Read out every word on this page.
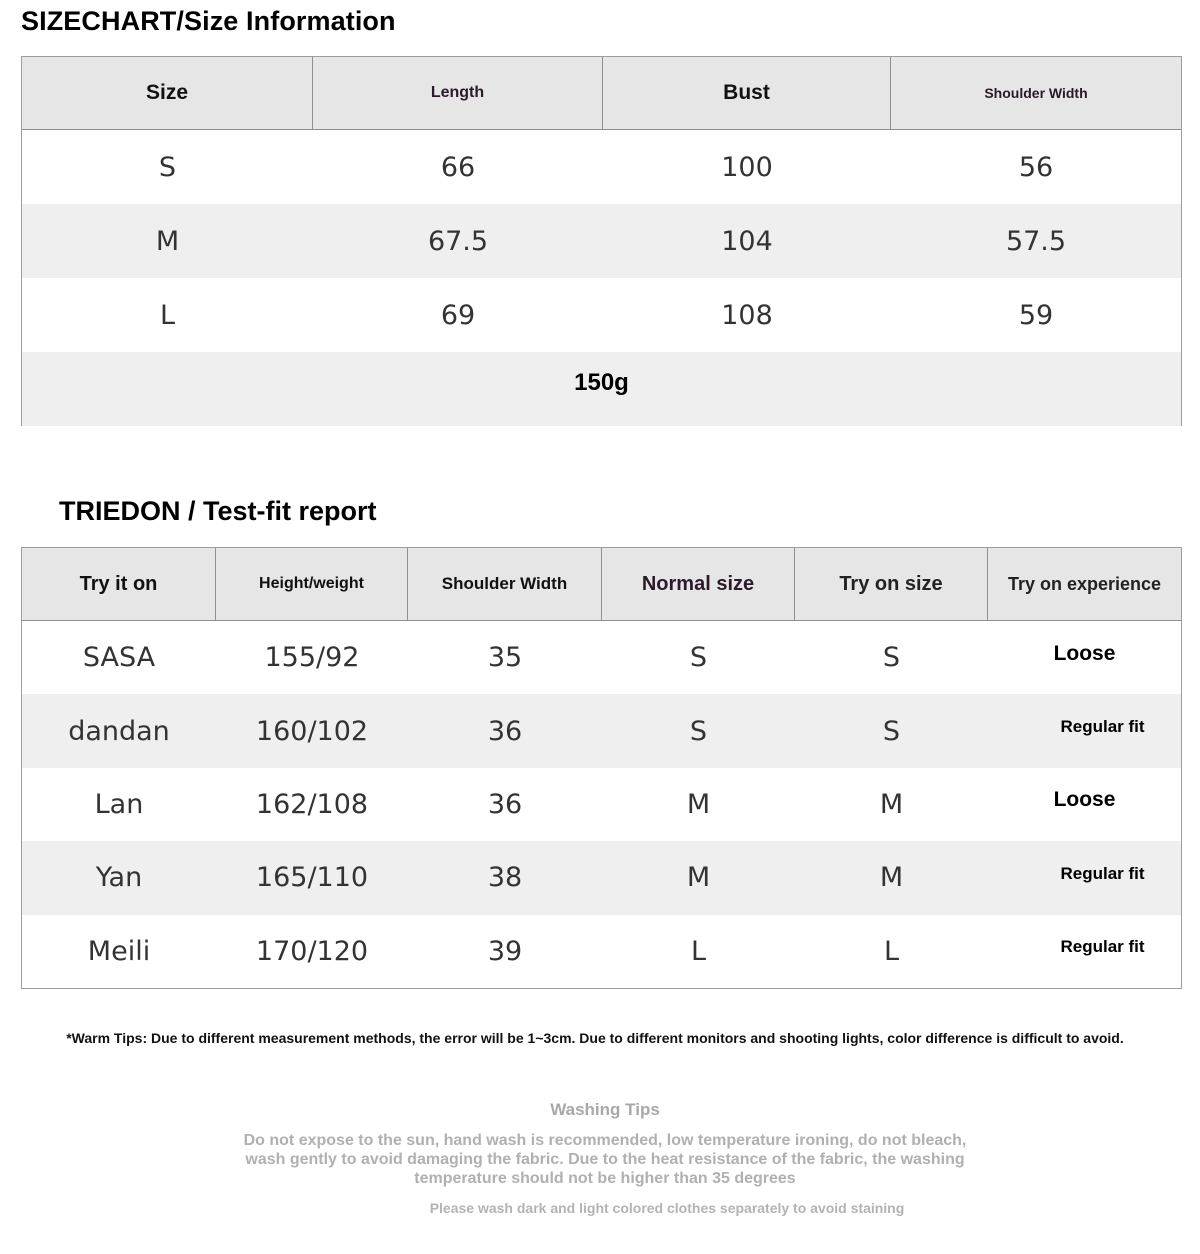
SIZECHART/Size Information
Size	Length	Bust	Shoulder Width
S	66	100	56
M	67.5	104	57.5
L	69	108	59
150g
TRIEDON / Test-fit report
Try it on	Height/weight	Shoulder Width	Normal size	Try on size	Try on experience
SASA	155/92	35	S	S	Loose
dandan	160/102	36	S	S	Regular fit
Lan	162/108	36	M	M	Loose
Yan	165/110	38	M	M	Regular fit
Meili	170/120	39	L	L	Regular fit
*Warm Tips: Due to different measurement methods, the error will be 1~3cm. Due to different monitors and shooting lights, color difference is difficult to avoid.
Washing Tips
Do not expose to the sun, hand wash is recommended, low temperature ironing, do not bleach, wash gently to avoid damaging the fabric. Due to the heat resistance of the fabric, the washing temperature should not be higher than 35 degrees
Please wash dark and light colored clothes separately to avoid staining
